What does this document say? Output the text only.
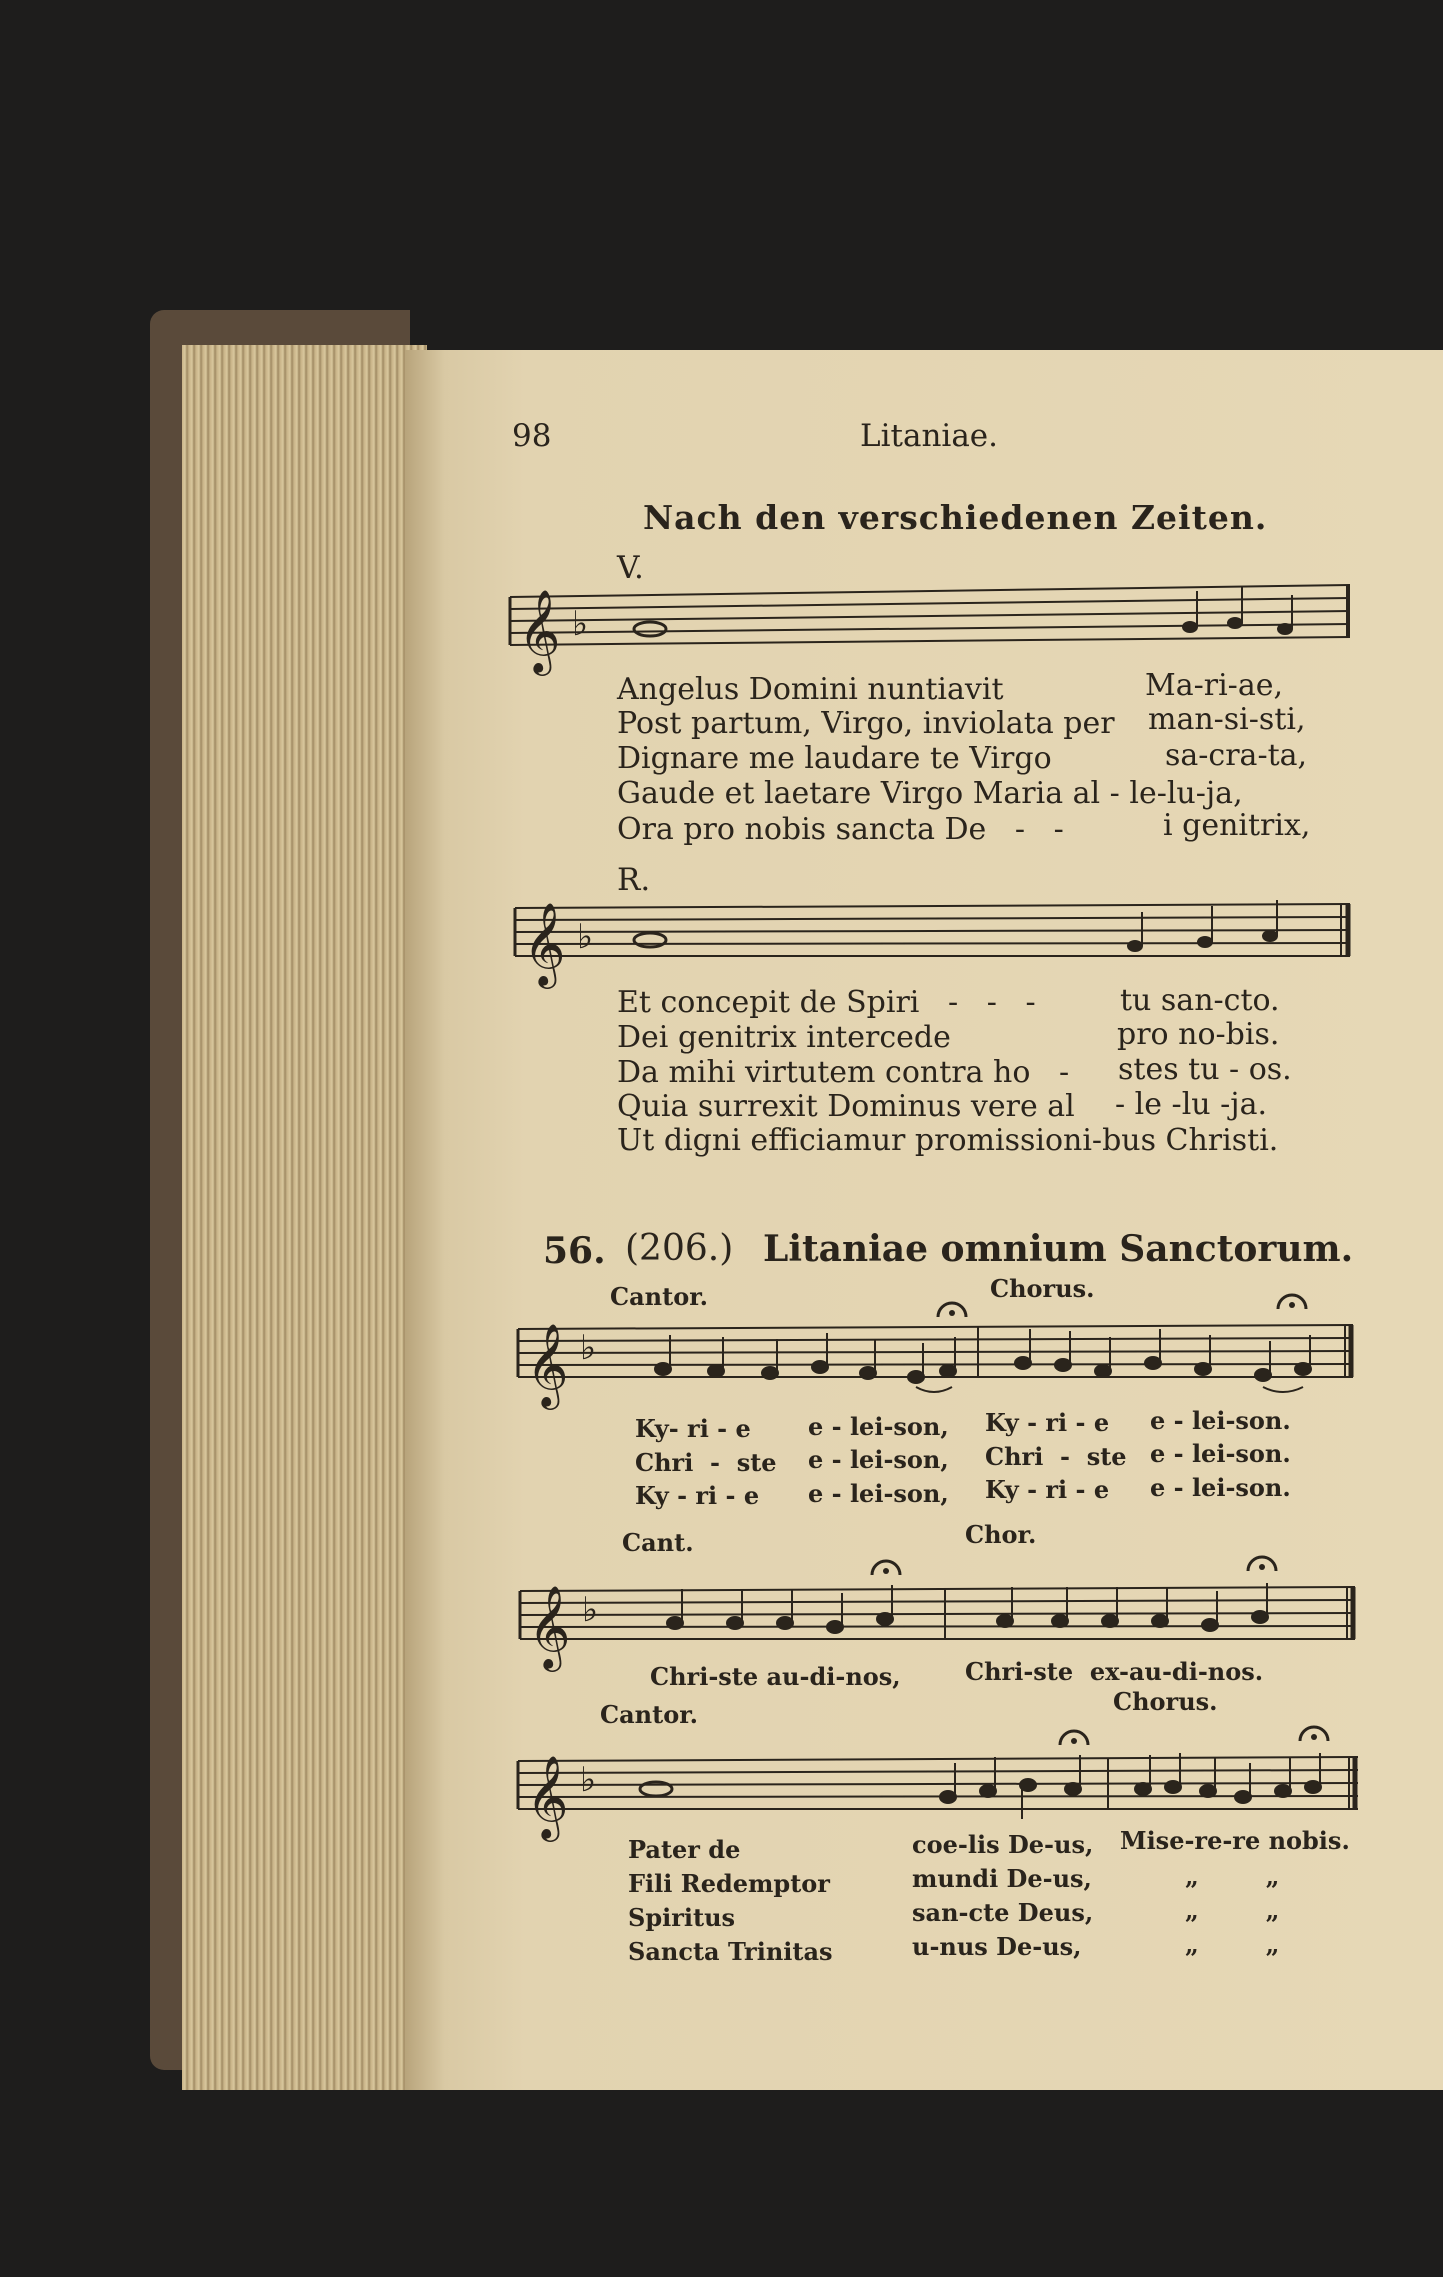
98	Litaniae.
Nach den verschiedenen Zeiten.
V.
𝄞 ♭
Angelus Domini nuntiavit	Ma-ri-ae,
Post partum, Virgo, inviolata per man-si-sti,
Dignare me laudare te Virgo	sa-cra-ta,
Gaude et laetare Virgo Maria al - le-lu-ja,
Ora pro nobis sancta De   -   -	i genitrix,
R.
𝄞 ♭
Et concepit de Spiri   -   -   -	tu san-cto.
Dei genitrix intercede	pro no-bis.
Da mihi virtutem contra ho   - stes tu - os.
Quia surrexit Dominus vere al - le -lu -ja.
Ut digni efficiamur promissioni-bus Christi.
56. (206.) Litaniae omnium Sanctorum.
Cantor.	Chorus.
𝄞 ♭
Ky- ri - e e - lei-son, Ky - ri - e e - lei-son.
Chri  -  ste e - lei-son, Chri  -  ste e - lei-son.
Ky - ri - e e - lei-son, Ky - ri - e e - lei-son.
Cant.	Chor.
𝄞 ♭
Chri-ste au-di-nos,	Chri-ste  ex-au-di-nos.
Cantor.	Chorus.
𝄞 ♭
Pater de	coe-lis De-us, Mise-re-re nobis.
Fili Redemptor	mundi De-us,	„        „
Spiritus	san-cte Deus,	„        „
Sancta Trinitas	u-nus De-us,	„        „
